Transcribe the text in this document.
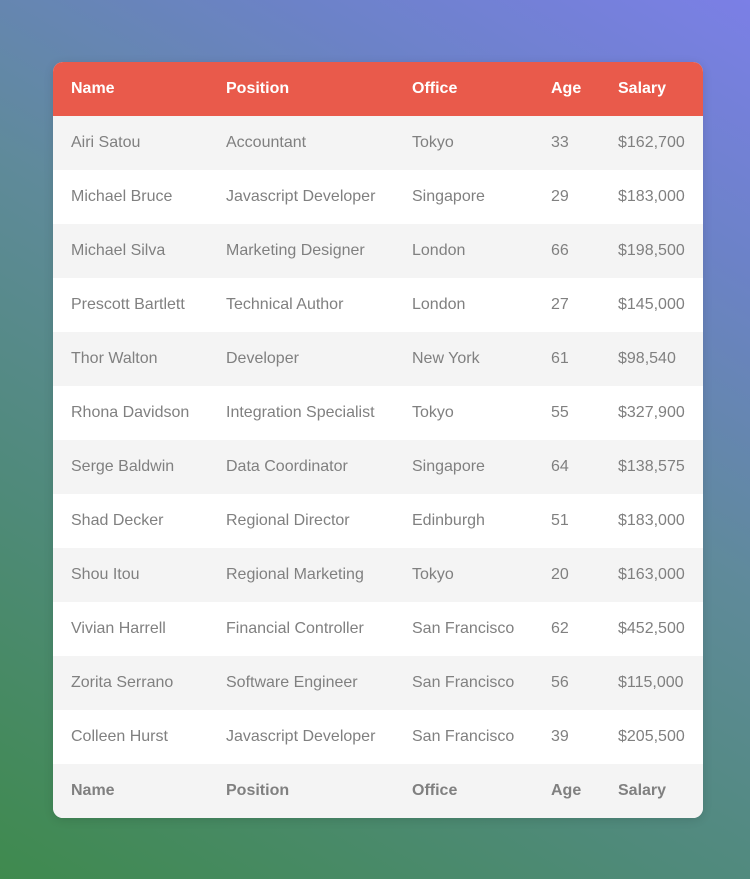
Name	Position	Office	Age	Salary
Airi Satou	Accountant	Tokyo	33	$162,700
Michael Bruce	Javascript Developer	Singapore	29	$183,000
Michael Silva	Marketing Designer	London	66	$198,500
Prescott Bartlett	Technical Author	London	27	$145,000
Thor Walton	Developer	New York	61	$98,540
Rhona Davidson	Integration Specialist	Tokyo	55	$327,900
Serge Baldwin	Data Coordinator	Singapore	64	$138,575
Shad Decker	Regional Director	Edinburgh	51	$183,000
Shou Itou	Regional Marketing	Tokyo	20	$163,000
Vivian Harrell	Financial Controller	San Francisco	62	$452,500
Zorita Serrano	Software Engineer	San Francisco	56	$115,000
Colleen Hurst	Javascript Developer	San Francisco	39	$205,500
Name	Position	Office	Age	Salary
